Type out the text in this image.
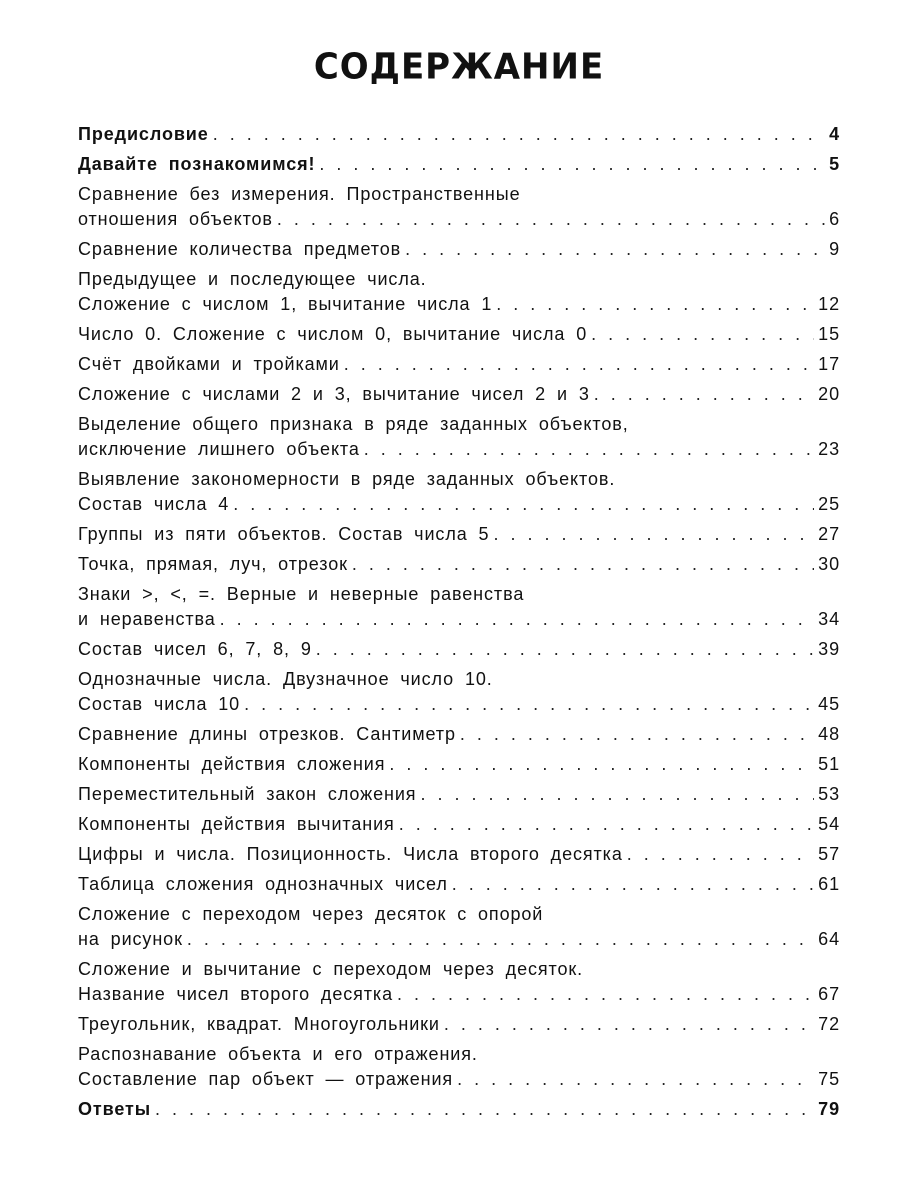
СОДЕРЖАНИЕ
Предисловие . . .	4
Давайте познакомимся! . . .	5
Сравнение без измерения. Пространственные
отношения объектов . . .	6
Сравнение количества предметов . . .	9
Предыдущее и последующее числа.
Сложение с числом 1, вычитание числа 1 . . .	12
Число 0. Сложение с числом 0, вычитание числа 0 . . .	15
Счёт двойками и тройками . . .	17
Сложение с числами 2 и 3, вычитание чисел 2 и 3 . . .	20
Выделение общего признака в ряде заданных объектов,
исключение лишнего объекта . . .	23
Выявление закономерности в ряде заданных объектов.
Состав числа 4 . . .	25
Группы из пяти объектов. Состав числа 5 . . .	27
Точка, прямая, луч, отрезок . . .	30
Знаки >, <, =. Верные и неверные равенства
и неравенства . . .	34
Состав чисел 6, 7, 8, 9 . . .	39
Однозначные числа. Двузначное число 10.
Состав числа 10 . . .	45
Сравнение длины отрезков. Сантиметр . . .	48
Компоненты действия сложения . . .	51
Переместительный закон сложения . . .	53
Компоненты действия вычитания . . .	54
Цифры и числа. Позиционность. Числа второго десятка . . .	57
Таблица сложения однозначных чисел . . .	61
Сложение с переходом через десяток с опорой
на рисунок . . .	64
Сложение и вычитание с переходом через десяток.
Название чисел второго десятка . . .	67
Треугольник, квадрат. Многоугольники . . .	72
Распознавание объекта и его отражения.
Составление пар объект — отражения . . .	75
Ответы . . .	79
